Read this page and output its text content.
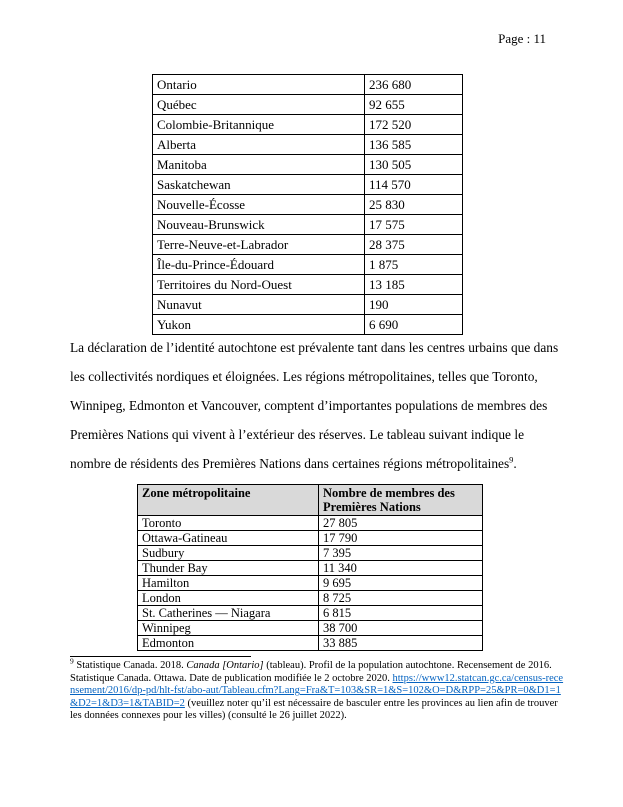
Page : 11
Ontario	236 680
Québec	92 655
Colombie-Britannique	172 520
Alberta	136 585
Manitoba	130 505
Saskatchewan	114 570
Nouvelle-Écosse	25 830
Nouveau-Brunswick	17 575
Terre-Neuve-et-Labrador	28 375
Île-du-Prince-Édouard	1 875
Territoires du Nord-Ouest	13 185
Nunavut	190
Yukon	6 690

La déclaration de l’identité autochtone est prévalente tant dans les centres urbains que dans les collectivités nordiques et éloignées. Les régions métropolitaines, telles que Toronto, Winnipeg, Edmonton et Vancouver, comptent d’importantes populations de membres des Premières Nations qui vivent à l’extérieur des réserves. Le tableau suivant indique le nombre de résidents des Premières Nations dans certaines régions métropolitaines$^9$.

Zone métropolitaine	Nombre de membres des Premières Nations
Toronto	27 805
Ottawa-Gatineau	17 790
Sudbury	7 395
Thunder Bay	11 340
Hamilton	9 695
London	8 725
St. Catherines — Niagara	6 815
Winnipeg	38 700
Edmonton	33 885
$^9$ Statistique Canada. 2018. Canada [Ontario] (tableau). Profil de la population autochtone. Recensement de 2016. Statistique Canada. Ottawa. Date de publication modifiée le 2 octobre 2020. https://www12.statcan.gc.ca/census-recensement/2016/dp-pd/hlt-fst/abo-aut/Tableau.cfm?Lang=Fra&T=103&SR=1&S=102&O=D&RPP=25&PR=0&D1=1&D2=1&D3=1&TABID=2 (veuillez noter qu’il est nécessaire de basculer entre les provinces au lien afin de trouver les données connexes pour les villes) (consulté le 26 juillet 2022).
